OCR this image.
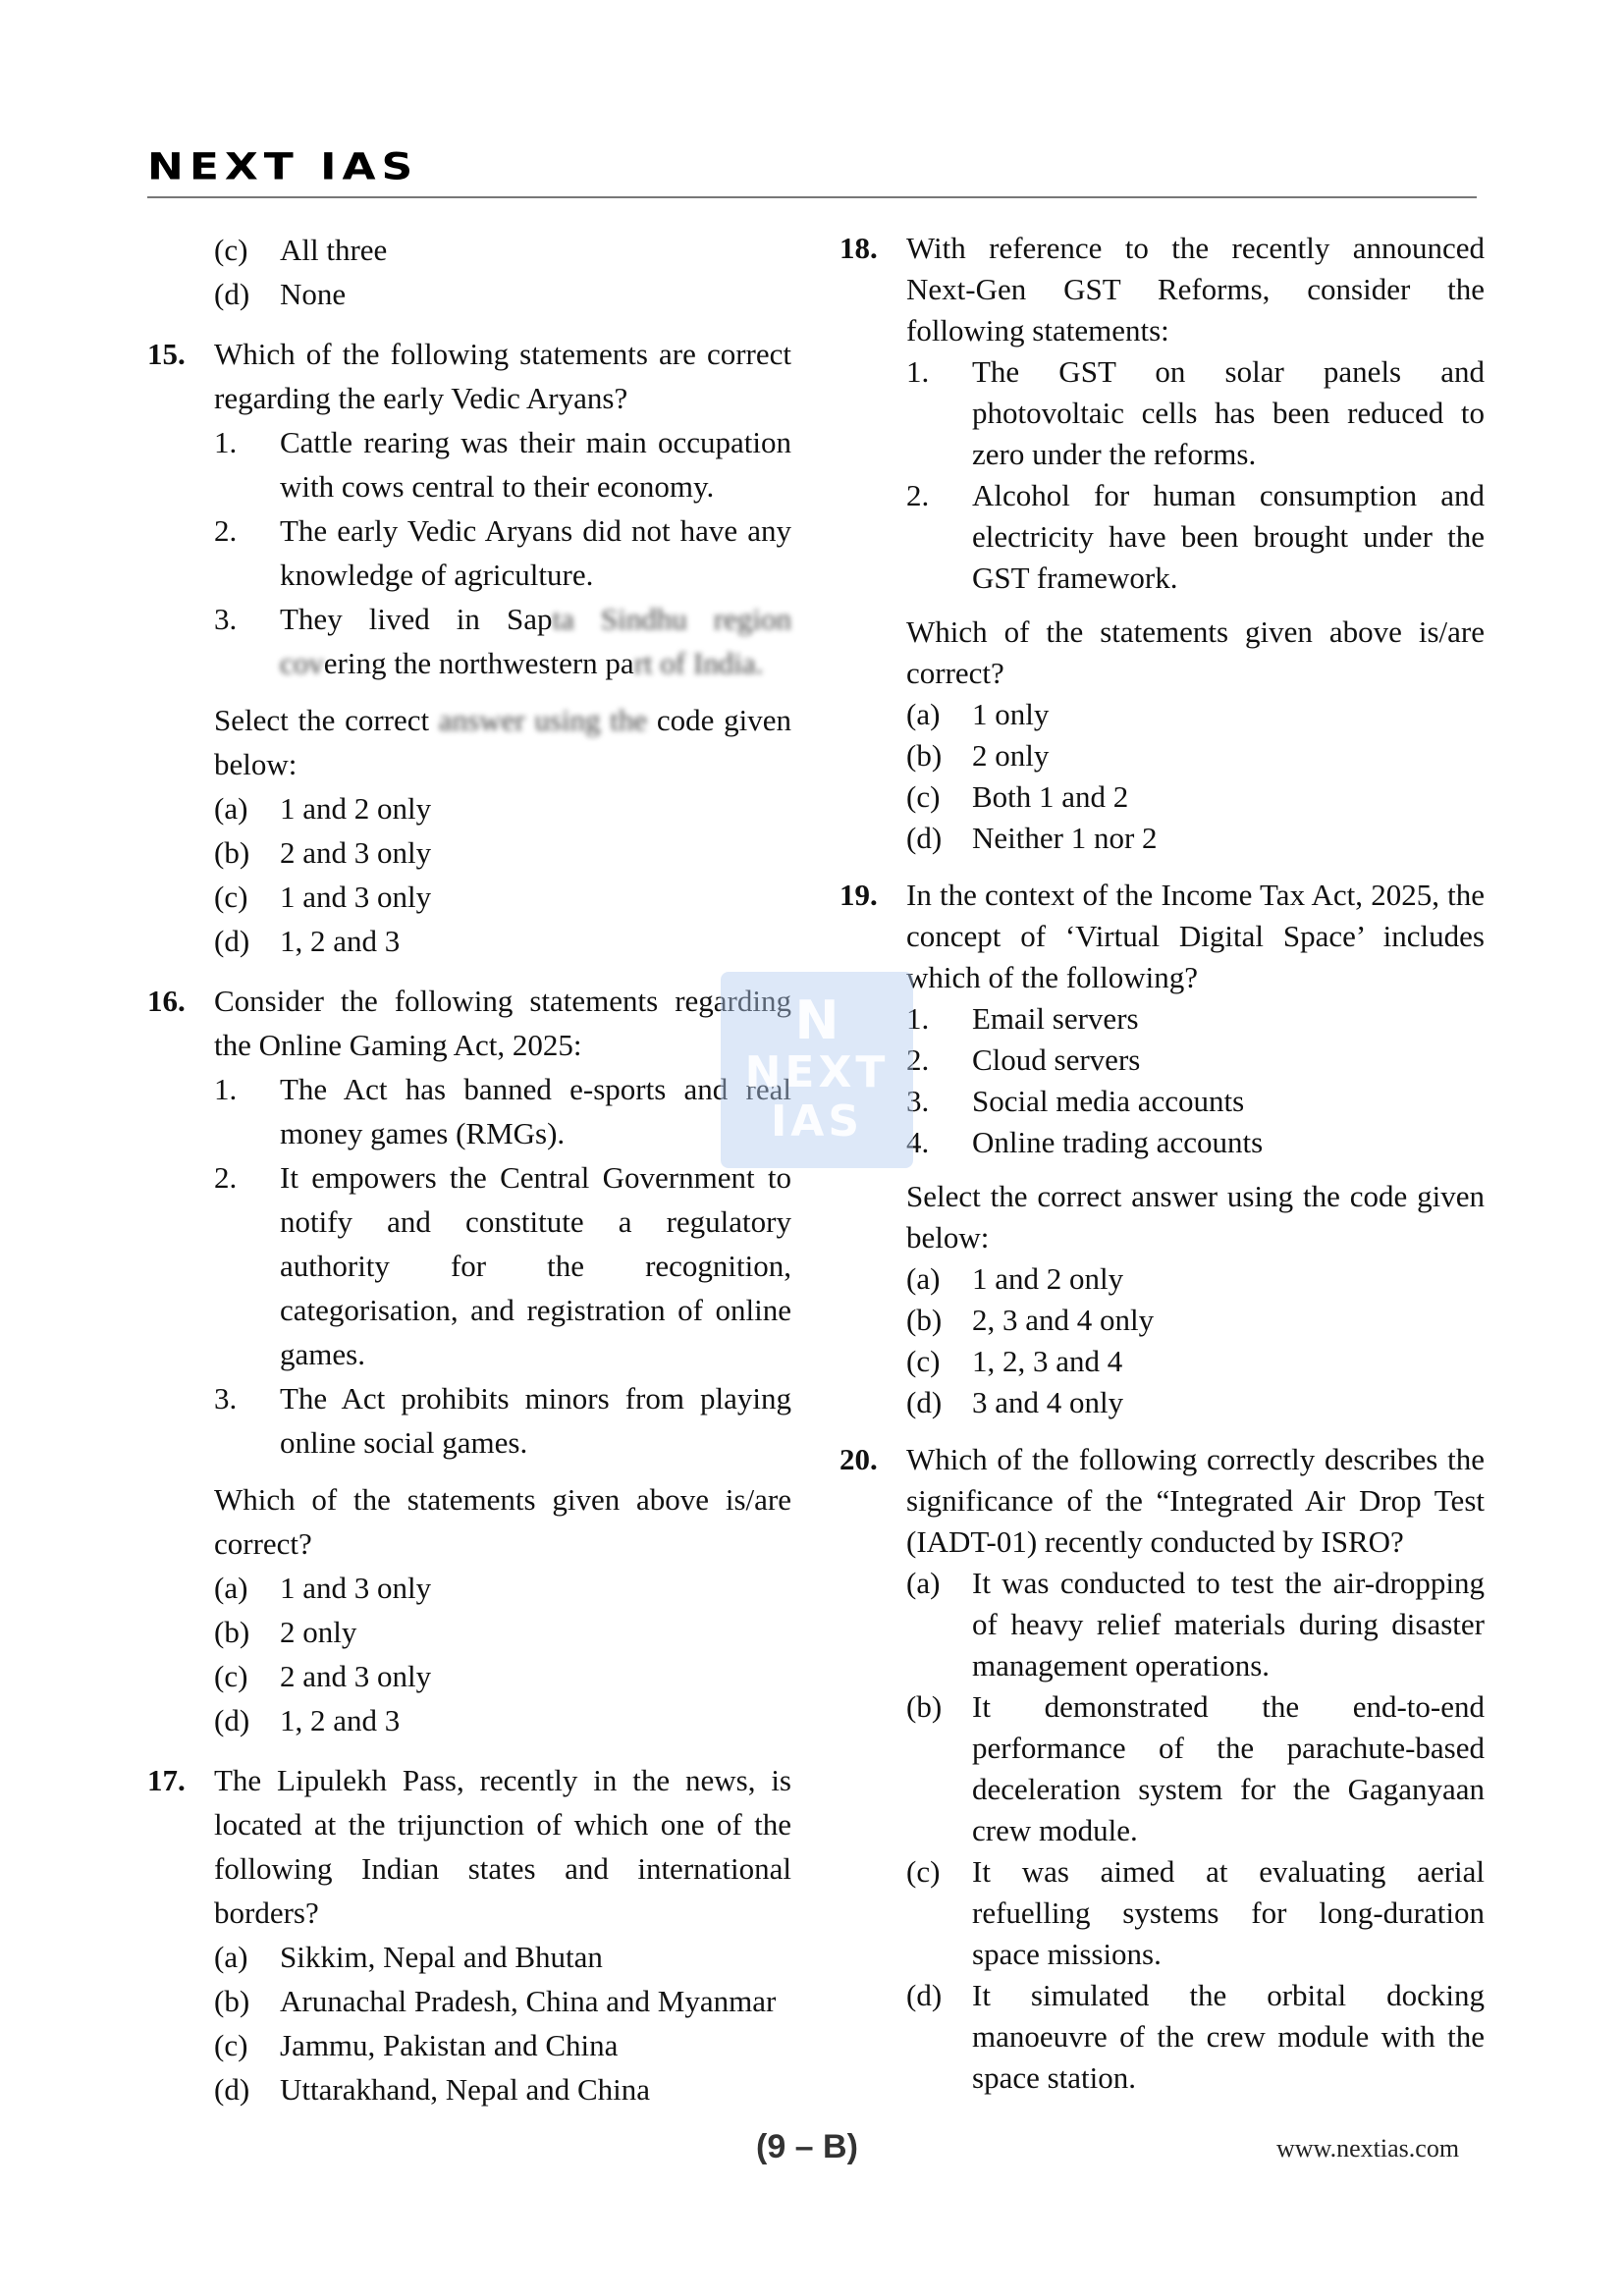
NEXT IAS
(c) All three
(d) None
15. Which of the following statements are correct regarding the early Vedic Aryans?
1. Cattle rearing was their main occupation with cows central to their economy.
2. The early Vedic Aryans did not have any knowledge of agriculture.
3. They lived in Sapta Sindhu region covering the northwestern part of India.
Select the correct answer using the code given below:
(a) 1 and 2 only
(b) 2 and 3 only
(c) 1 and 3 only
(d) 1, 2 and 3
16. Consider the following statements regarding the Online Gaming Act, 2025:
1. The Act has banned e-sports and real money games (RMGs).
2. It empowers the Central Government to notify and constitute a regulatory authority for the recognition, categorisation, and registration of online games.
3. The Act prohibits minors from playing online social games.
Which of the statements given above is/are correct?
(a) 1 and 3 only
(b) 2 only
(c) 2 and 3 only
(d) 1, 2 and 3
17. The Lipulekh Pass, recently in the news, is located at the trijunction of which one of the following Indian states and international borders?
(a) Sikkim, Nepal and Bhutan
(b) Arunachal Pradesh, China and Myanmar
(c) Jammu, Pakistan and China
(d) Uttarakhand, Nepal and China
18. With reference to the recently announced Next-Gen GST Reforms, consider the following statements:
1. The GST on solar panels and photovoltaic cells has been reduced to zero under the reforms.
2. Alcohol for human consumption and electricity have been brought under the GST framework.
Which of the statements given above is/are correct?
(a) 1 only
(b) 2 only
(c) Both 1 and 2
(d) Neither 1 nor 2
19. In the context of the Income Tax Act, 2025, the concept of ‘Virtual Digital Space’ includes which of the following?
1. Email servers
2. Cloud servers
3. Social media accounts
4. Online trading accounts
Select the correct answer using the code given below:
(a) 1 and 2 only
(b) 2, 3 and 4 only
(c) 1, 2, 3 and 4
(d) 3 and 4 only
20. Which of the following correctly describes the significance of the “Integrated Air Drop Test (IADT-01) recently conducted by ISRO?
(a) It was conducted to test the air-dropping of heavy relief materials during disaster management operations.
(b) It demonstrated the end-to-end performance of the parachute-based deceleration system for the Gaganyaan crew module.
(c) It was aimed at evaluating aerial refuelling systems for long-duration space missions.
(d) It simulated the orbital docking manoeuvre of the crew module with the space station.
N
NEXT
IAS
(9 – B)	www.nextias.com
